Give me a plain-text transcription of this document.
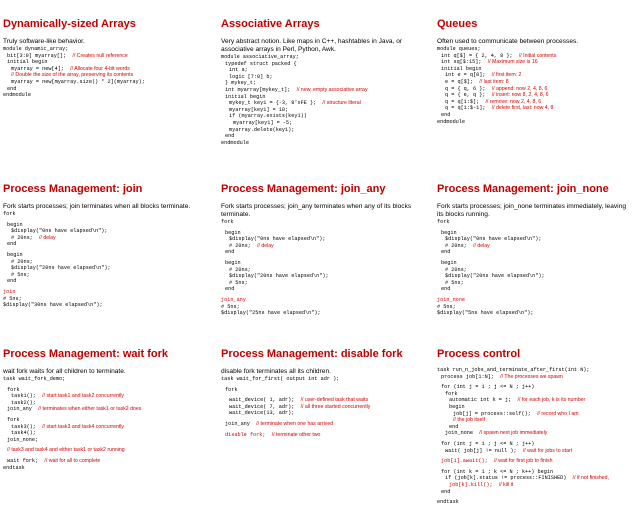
Dynamically-sized Arrays
Truly software-like behavior.
module dynamic_array;
bit[3:0] myarray[]; // Creates null reference
initial begin
myarray = new[4]; // Allocate four 4-bit words
// Double the size of the array, preserving its contents
myarray = new[myarray.size() * 2](myarray);
end
endmodule
Associative Arrays
Very abstract notion. Like maps in C++, hashtables in Java, or associative arrays in Perl, Python, Awk.
module associative_array;
typedef struct packed {
int a;
logic [7:0] b;
} mykey_t;
int myarray[mykey_t]; // new, empty associative array
initial begin
mykey_t key1 = {-3, 8'xFE }; // structure literal
myarray[key1] = 10;
if (myarray.exists(key1))
myarray[key1] = -5;
myarray.delete(key1);
end
endmodule
Queues
Often used to communicate between processes.
module queues;
int q[$] = { 2, 4, 8 }; // Initial contents
int sq[$:15]; // Maximum size is 16
initial begin
int e = q[0]; // first item: 2
e = q[$]; // last item: 8
q = { q, 6 }; // append: now 2, 4, 8, 6
q = { e, q }; // insert: now 8, 2, 4, 8, 6
q = q[1:$]; // remove: now 2, 4, 8, 6
q = q[1:$-1]; // delete first, last: now 4, 8
end
endmodule
Process Management: join
Fork starts processes; join terminates when all blocks terminate.
fork
begin
$display("0ns have elapsed\n");
# 20ns; // delay
end
begin
# 20ns;
$display("20ns have elapsed\n");
# 5ns;
end
join
# 5ns;
$display("30ns have elapsed\n");
Process Management: join_any
Fork starts processes; join_any terminates when any of its blocks terminate.
fork
begin
$display("0ns have elapsed\n");
# 20ns; // delay
end
begin
# 20ns;
$display("20ns have elapsed\n");
# 5ns;
end
join_any
# 5ns;
$display("25ns have elapsed\n");
Process Management: join_none
Fork starts processes; join_none terminates immediately, leaving its blocks running.
fork
begin
$display("0ns have elapsed\n");
# 20ns; // delay
end
begin
# 20ns;
$display("20ns have elapsed\n");
# 5ns;
end
join_none
# 5ns;
$display("5ns have elapsed\n");
Process Management: wait fork
wait fork waits for all children to terminate.
task wait_fork_demo;
fork
task1(); // start task1 and task2 concurrently
task2();
join_any // terminates when either task1 or task2 does
fork
task3(); // start task3 and task4 concurrently
task4();
join_none;
// task3 and task4 and either task1 or task2 running
wait fork; // wait for all to complete
endtask
Process Management: disable fork
disable fork terminates all its children.
task wait_for_first( output int adr );
fork
wait_device( 1, adr); // user-defined task that waits
wait_device( 7, adr); // all three started concurrently
wait_device(13, adr);
join_any // terminate when one has arrived
disable fork; // terminate other two
Process control
task run_n_jobs_and_terminate_after_first(int N);
process job[1:N]; // The processes we spawn
for (int j = 1 ; j <= N ; j++)
fork
automatic int k = j; // for each job, k is its number
begin
job[j] = process::self(); // record who I am
// the job itself
end
join_none // spawn next job immediately
for (int j = 1 ; j <= N ; j++)
wait( job[j] != null ); // wait for jobs to start
job[1].await(); // wait for first job to finish
for (int k = 1 ; k <= N ; k++) begin
if (job[k].status != process::FINISHED) // if not finished,
job[k].kill(); // kill it
end
endtask
